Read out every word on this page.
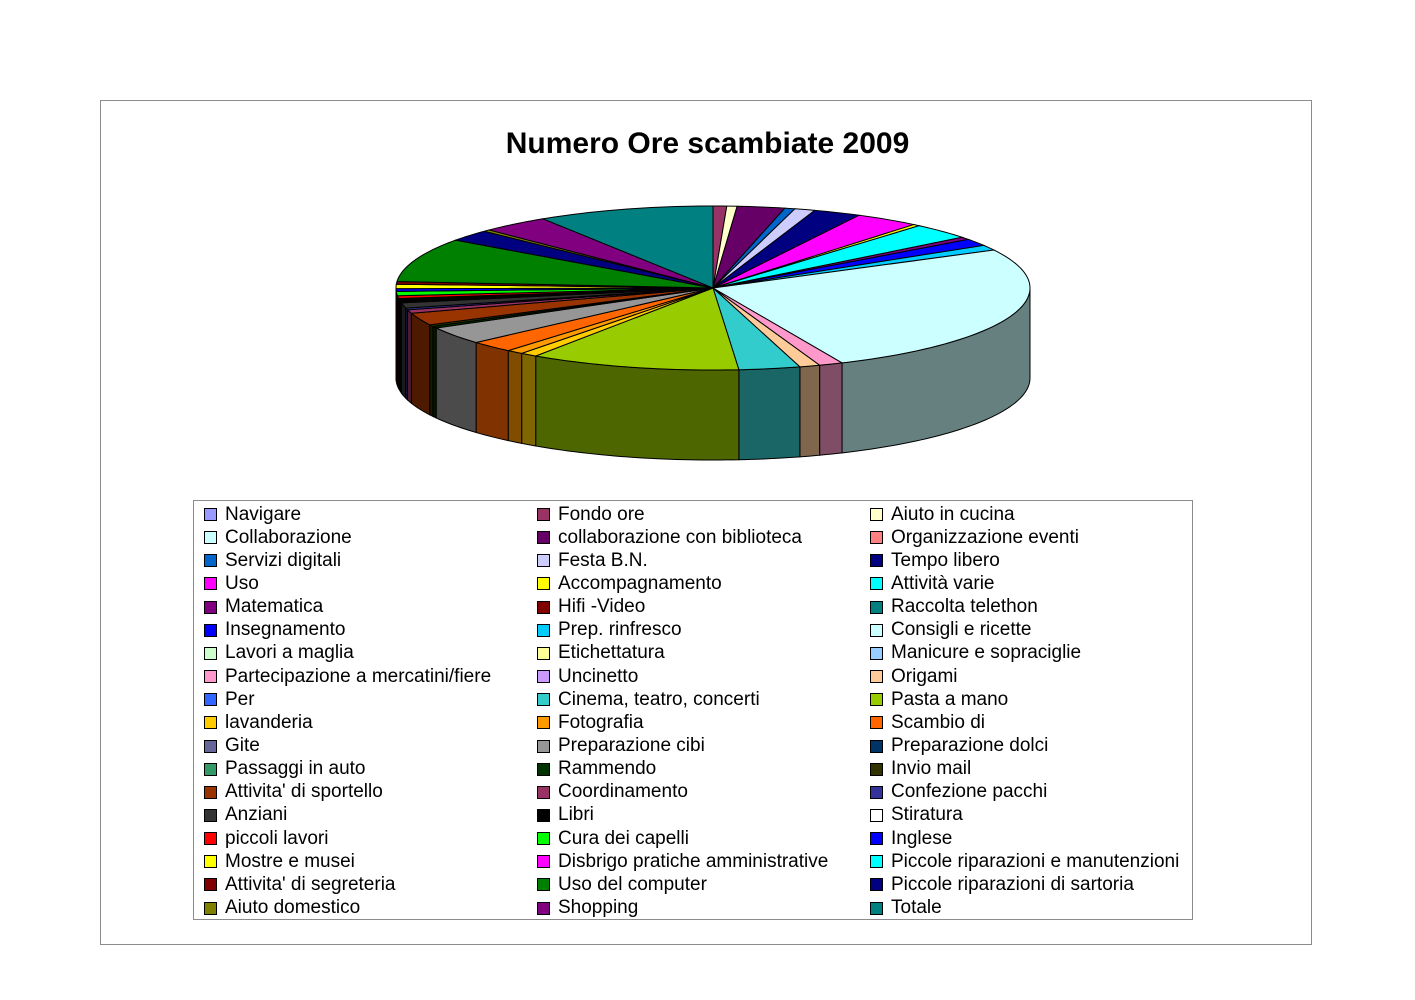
Numero Ore scambiate 2009
Navigare	Fondo ore	Aiuto in cucina
Collaborazione	collaborazione con biblioteca	Organizzazione eventi
Servizi digitali	Festa B.N.	Tempo libero
Uso	Accompagnamento	Attività varie
Matematica	Hifi -Video	Raccolta telethon
Insegnamento	Prep. rinfresco	Consigli e ricette
Lavori a maglia	Etichettatura	Manicure e sopraciglie
Partecipazione a mercatini/fiere	Uncinetto	Origami
Per	Cinema, teatro, concerti	Pasta a mano
lavanderia	Fotografia	Scambio di
Gite	Preparazione cibi	Preparazione dolci
Passaggi in auto	Rammendo	Invio mail
Attivita' di sportello	Coordinamento	Confezione pacchi
Anziani	Libri	Stiratura
piccoli lavori	Cura dei capelli	Inglese
Mostre e musei	Disbrigo pratiche amministrative	Piccole riparazioni e manutenzioni
Attivita' di segreteria	Uso del computer	Piccole riparazioni di sartoria
Aiuto domestico	Shopping	Totale
